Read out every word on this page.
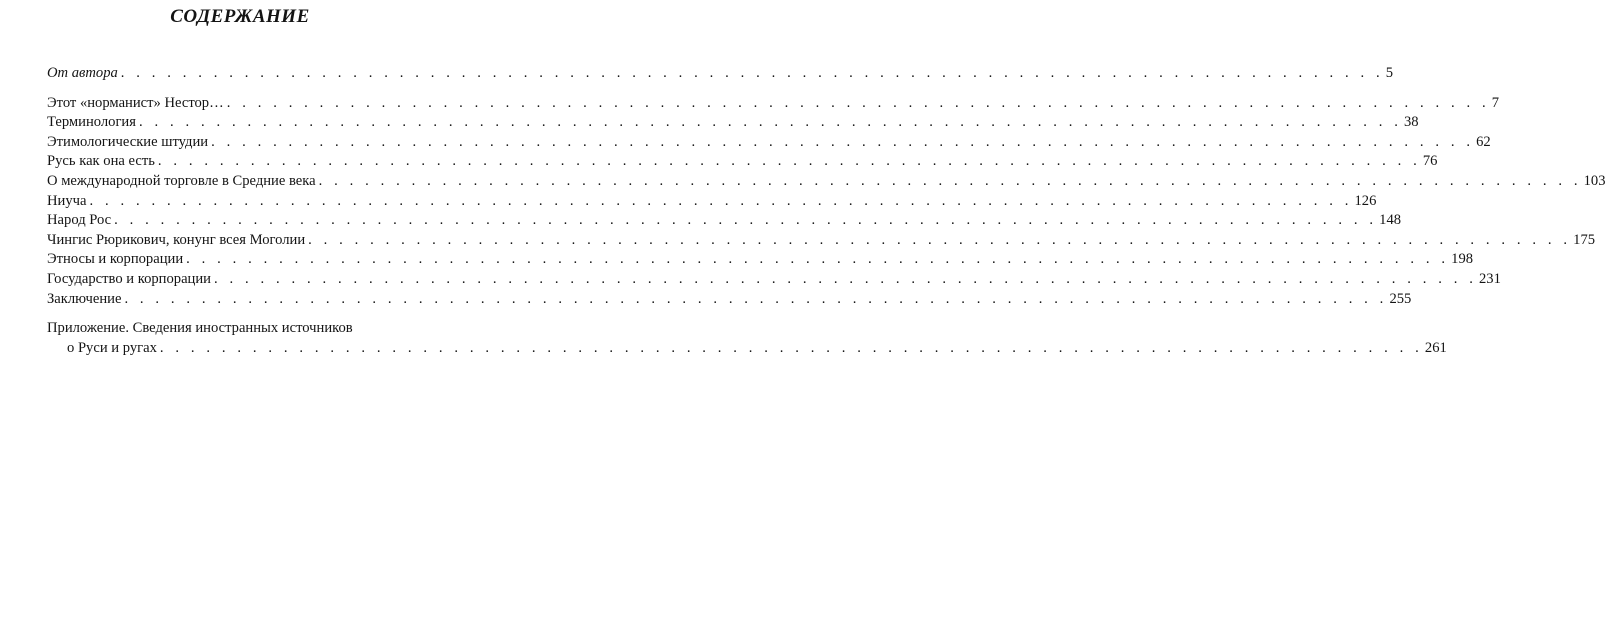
СОДЕРЖАНИЕ
От автора . . . . . . . . . . . . . . . . . . . . . . . . . . . . . . . . . . . . . . . . . . . . . . . . . . . . . . . . . . . . . . . . . . . . . . . . . . . . . . . . . . 5
Этот «норманист» Нестор… . . . . . . . . . . . . . . . . . . . . . . . . . . . . . . . . . . . . . . . . . . . . . . . . . . . . . . . . . . . . . . . . . . . . . . . . . . . . . . . . . . 7
Терминология . . . . . . . . . . . . . . . . . . . . . . . . . . . . . . . . . . . . . . . . . . . . . . . . . . . . . . . . . . . . . . . . . . . . . . . . . . . . . . . . . . 38
Этимологические штудии . . . . . . . . . . . . . . . . . . . . . . . . . . . . . . . . . . . . . . . . . . . . . . . . . . . . . . . . . . . . . . . . . . . . . . . . . . . . . . . . . . 62
Русь как она есть . . . . . . . . . . . . . . . . . . . . . . . . . . . . . . . . . . . . . . . . . . . . . . . . . . . . . . . . . . . . . . . . . . . . . . . . . . . . . . . . . . 76
О международной торговле в Средние века . . . . . . . . . . . . . . . . . . . . . . . . . . . . . . . . . . . . . . . . . . . . . . . . . . . . . . . . . . . . . . . . . . . . . . . . . . . . . . . . . . 103
Ниуча . . . . . . . . . . . . . . . . . . . . . . . . . . . . . . . . . . . . . . . . . . . . . . . . . . . . . . . . . . . . . . . . . . . . . . . . . . . . . . . . . . 126
Народ Рос . . . . . . . . . . . . . . . . . . . . . . . . . . . . . . . . . . . . . . . . . . . . . . . . . . . . . . . . . . . . . . . . . . . . . . . . . . . . . . . . . . 148
Чингис Рюрикович, конунг всея Моголии . . . . . . . . . . . . . . . . . . . . . . . . . . . . . . . . . . . . . . . . . . . . . . . . . . . . . . . . . . . . . . . . . . . . . . . . . . . . . . . . . . 175
Этносы и корпорации . . . . . . . . . . . . . . . . . . . . . . . . . . . . . . . . . . . . . . . . . . . . . . . . . . . . . . . . . . . . . . . . . . . . . . . . . . . . . . . . . . 198
Государство и корпорации . . . . . . . . . . . . . . . . . . . . . . . . . . . . . . . . . . . . . . . . . . . . . . . . . . . . . . . . . . . . . . . . . . . . . . . . . . . . . . . . . . 231
Заключение . . . . . . . . . . . . . . . . . . . . . . . . . . . . . . . . . . . . . . . . . . . . . . . . . . . . . . . . . . . . . . . . . . . . . . . . . . . . . . . . . . 255
Приложение. Сведения иностранных источников
о Руси и ругах . . . . . . . . . . . . . . . . . . . . . . . . . . . . . . . . . . . . . . . . . . . . . . . . . . . . . . . . . . . . . . . . . . . . . . . . . . . . . . . . . . 261
